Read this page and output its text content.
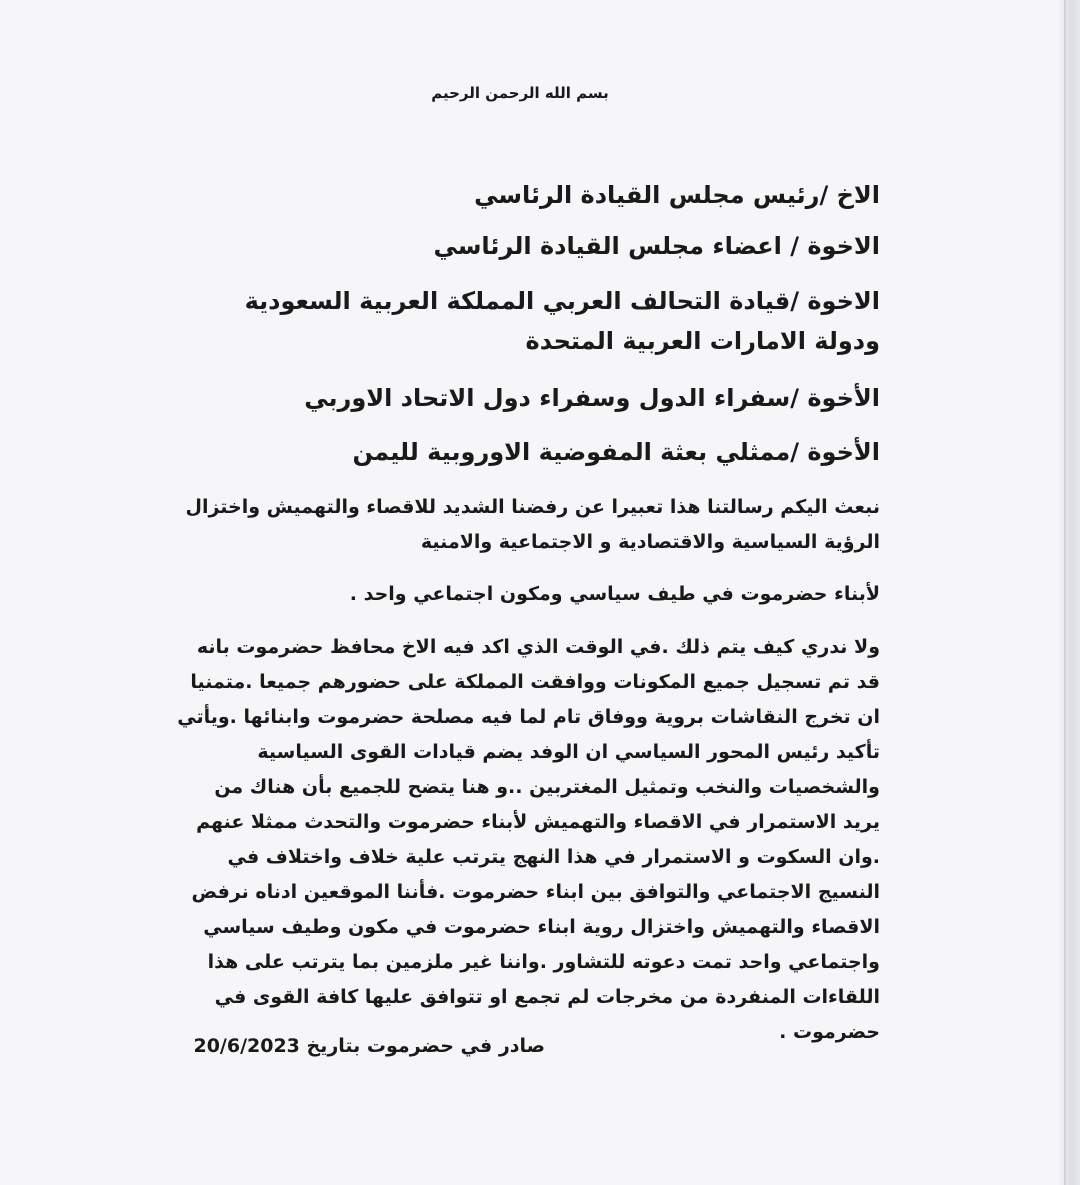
بسم الله الرحمن الرحيم
الاخ /رئيس مجلس القيادة الرئاسي
الاخوة / اعضاء مجلس القيادة الرئاسي
الاخوة /قيادة التحالف العربي المملكة العربية السعودية ودولة الامارات العربية المتحدة
الأخوة /سفراء الدول وسفراء دول الاتحاد الاوربي
الأخوة /ممثلي بعثة المفوضية الاوروبية لليمن
نبعث اليكم رسالتنا هذا تعبيرا عن رفضنا الشديد للاقصاء والتهميش واختزال الرؤية السياسية والاقتصادية و الاجتماعية والامنية
لأبناء حضرموت في طيف سياسي ومكون اجتماعي واحد .
ولا ندري كيف يتم ذلك .في الوقت الذي اكد فيه الاخ محافظ حضرموت بانه قد تم تسجيل جميع المكونات ووافقت المملكة على حضورهم جميعا .متمنيا ان تخرج النقاشات بروية ووفاق تام لما فيه مصلحة حضرموت وابنائها .ويأتي تأكيد رئيس المحور السياسي ان الوفد يضم قيادات القوى السياسية والشخصيات والنخب وتمثيل المغتربين ..و هنا يتضح للجميع بأن هناك من يريد الاستمرار في الاقصاء والتهميش لأبناء حضرموت والتحدث ممثلا عنهم .وان السكوت و الاستمرار في هذا النهج يترتب علية خلاف واختلاف في النسيج الاجتماعي والتوافق بين ابناء حضرموت .فأننا الموقعين ادناه نرفض الاقصاء والتهميش واختزال روية ابناء حضرموت في مكون وطيف سياسي واجتماعي واحد تمت دعوته للتشاور .واننا غير ملزمين بما يترتب على هذا اللقاءات المنفردة من مخرجات لم تجمع او تتوافق عليها كافة القوى في حضرموت .
صادر في حضرموت بتاريخ 20/6/2023
